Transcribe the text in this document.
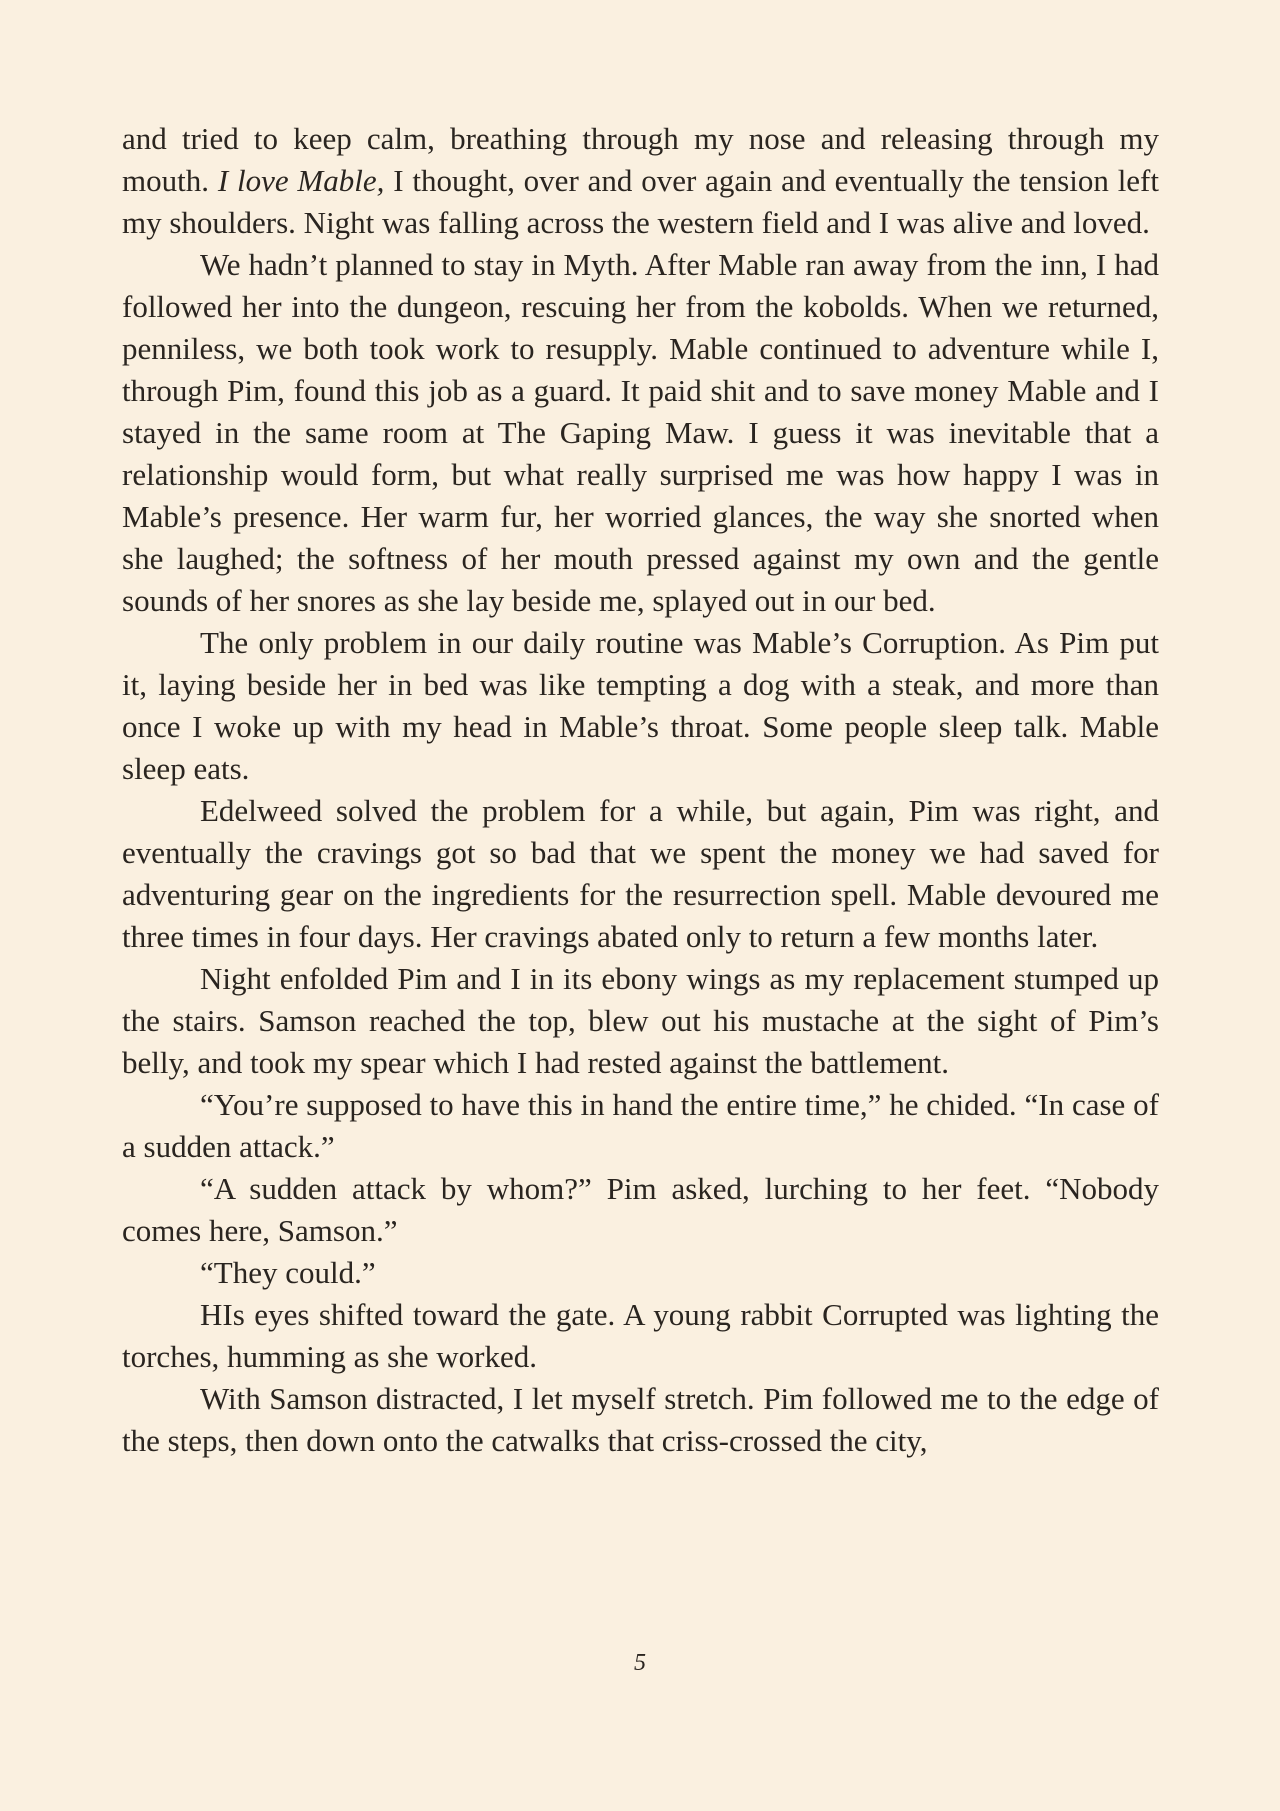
and tried to keep calm, breathing through my nose and releasing through my mouth. I love Mable, I thought, over and over again and eventually the tension left my shoulders. Night was falling across the western field and I was alive and loved.

We hadn’t planned to stay in Myth. After Mable ran away from the inn, I had followed her into the dungeon, rescuing her from the kobolds. When we returned, penniless, we both took work to resupply. Mable continued to adventure while I, through Pim, found this job as a guard. It paid shit and to save money Mable and I stayed in the same room at The Gaping Maw. I guess it was inevitable that a relationship would form, but what really surprised me was how happy I was in Mable’s presence. Her warm fur, her worried glances, the way she snorted when she laughed; the softness of her mouth pressed against my own and the gentle sounds of her snores as she lay beside me, splayed out in our bed.

The only problem in our daily routine was Mable’s Corruption. As Pim put it, laying beside her in bed was like tempting a dog with a steak, and more than once I woke up with my head in Mable’s throat. Some people sleep talk. Mable sleep eats.

Edelweed solved the problem for a while, but again, Pim was right, and eventually the cravings got so bad that we spent the money we had saved for adventuring gear on the ingredients for the resurrection spell. Mable devoured me three times in four days. Her cravings abated only to return a few months later.

Night enfolded Pim and I in its ebony wings as my replacement stumped up the stairs. Samson reached the top, blew out his mustache at the sight of Pim’s belly, and took my spear which I had rested against the battlement.

“You’re supposed to have this in hand the entire time,” he chided. “In case of a sudden attack.”

“A sudden attack by whom?” Pim asked, lurching to her feet. “Nobody comes here, Samson.”

“They could.”

HIs eyes shifted toward the gate. A young rabbit Corrupted was lighting the torches, humming as she worked.

With Samson distracted, I let myself stretch. Pim followed me to the edge of the steps, then down onto the catwalks that criss-crossed the city,

5
